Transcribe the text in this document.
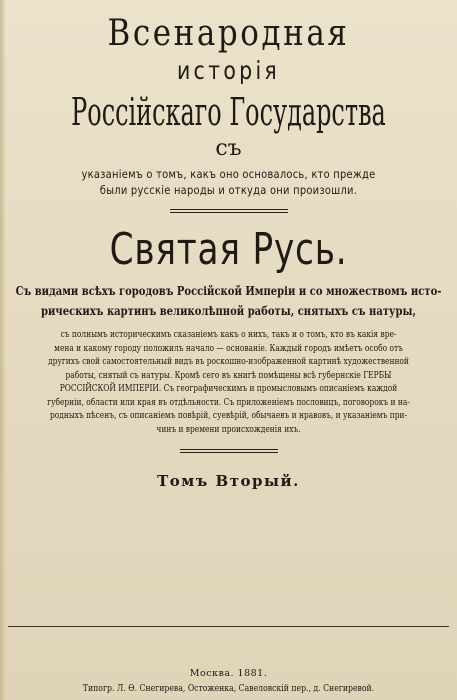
Всенародная
исторія
Россійскаго Государства
съ
указаніемъ о томъ, какъ оно основалось, кто прежде
были русскіе народы и откуда они произошли.
Святая Русь.
Съ видами всѣхъ городовъ Россійской Имперіи и со множествомъ исто-
рическихъ картинъ великолѣпной работы, снятыхъ съ натуры,
съ полнымъ историческимъ сказаніемъ какъ о нихъ, такъ и о томъ, кто въ какія вре-
мена и какому городу положилъ начало — основаніе. Каждый городъ имѣетъ особо отъ
другихъ свой самостоятельный видъ въ роскошно-изображенной картинѣ художественной
работы, снятый съ натуры. Кромѣ сего въ книгѣ помѣщены всѣ губернскіе ГЕРБЫ
РОССІЙСКОЙ ИМПЕРІИ. Съ географическимъ и промысловымъ описаніемъ каждой
губерніи, области или края въ отдѣльности. Съ приложеніемъ пословицъ, поговорокъ и на-
родныхъ пѣсенъ, съ описаніемъ повѣрій, суевѣрій, обычаевъ и нравовъ, и указаніемъ при-
чинъ и времени происхожденія ихъ.
Томъ Вторый.
Москва. 1881.
Типогр. Л. Ѳ. Снегирева, Остоженка, Савеловскій пер., д. Снегиревой.
